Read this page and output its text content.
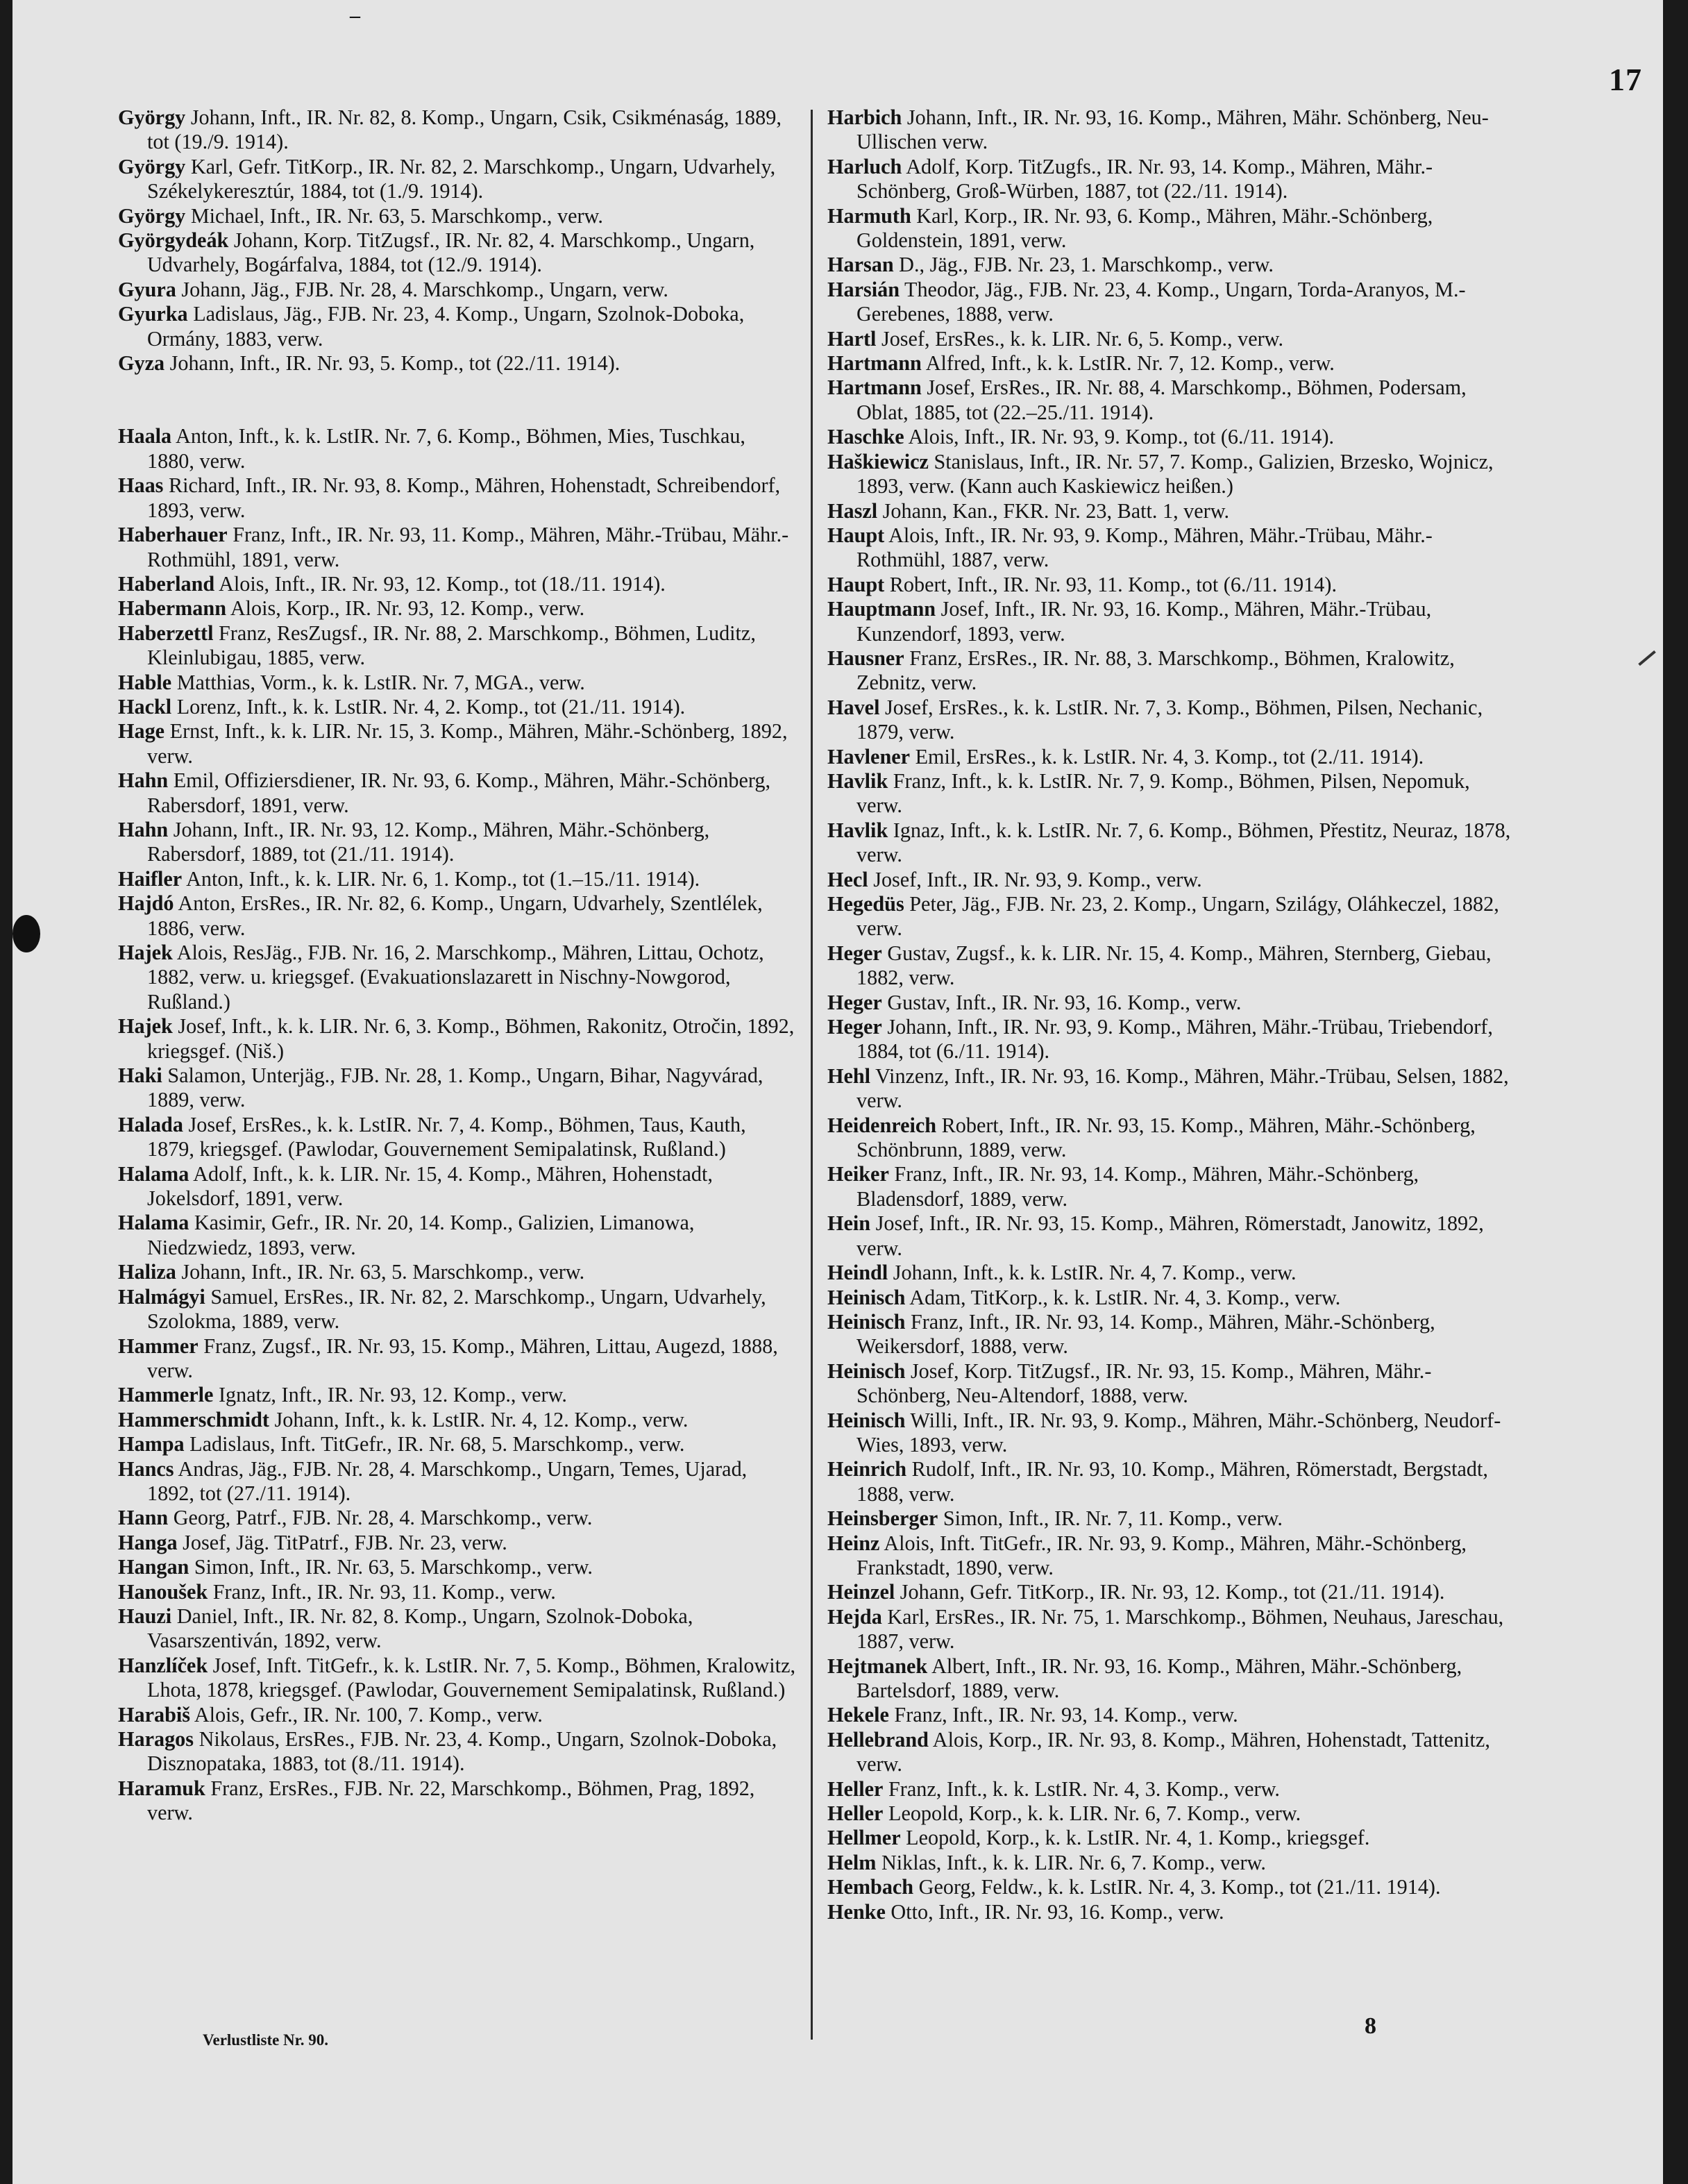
–
17
György Johann, Inft., IR. Nr. 82, 8. Komp., Ungarn, Csik, Csikménaság, 1889, tot (19./9. 1914).
György Karl, Gefr. TitKorp., IR. Nr. 82, 2. Marschkomp., Ungarn, Udvarhely, Székelykeresztúr, 1884, tot (1./9. 1914).
György Michael, Inft., IR. Nr. 63, 5. Marschkomp., verw.
Györgydeák Johann, Korp. TitZugsf., IR. Nr. 82, 4. Marschkomp., Ungarn, Udvarhely, Bogárfalva, 1884, tot (12./9. 1914).
Gyura Johann, Jäg., FJB. Nr. 28, 4. Marschkomp., Ungarn, verw.
Gyurka Ladislaus, Jäg., FJB. Nr. 23, 4. Komp., Ungarn, Szolnok-Doboka, Ormány, 1883, verw.
Gyza Johann, Inft., IR. Nr. 93, 5. Komp., tot (22./11. 1914).
Haala Anton, Inft., k. k. LstIR. Nr. 7, 6. Komp., Böhmen, Mies, Tuschkau, 1880, verw.
Haas Richard, Inft., IR. Nr. 93, 8. Komp., Mähren, Hohenstadt, Schreibendorf, 1893, verw.
Haberhauer Franz, Inft., IR. Nr. 93, 11. Komp., Mähren, Mähr.-Trübau, Mähr.-Rothmühl, 1891, verw.
Haberland Alois, Inft., IR. Nr. 93, 12. Komp., tot (18./11. 1914).
Habermann Alois, Korp., IR. Nr. 93, 12. Komp., verw.
Haberzettl Franz, ResZugsf., IR. Nr. 88, 2. Marschkomp., Böhmen, Luditz, Kleinlubigau, 1885, verw.
Hable Matthias, Vorm., k. k. LstIR. Nr. 7, MGA., verw.
Hackl Lorenz, Inft., k. k. LstIR. Nr. 4, 2. Komp., tot (21./11. 1914).
Hage Ernst, Inft., k. k. LIR. Nr. 15, 3. Komp., Mähren, Mähr.-Schönberg, 1892, verw.
Hahn Emil, Offiziersdiener, IR. Nr. 93, 6. Komp., Mähren, Mähr.-Schönberg, Rabersdorf, 1891, verw.
Hahn Johann, Inft., IR. Nr. 93, 12. Komp., Mähren, Mähr.-Schönberg, Rabersdorf, 1889, tot (21./11. 1914).
Haifler Anton, Inft., k. k. LIR. Nr. 6, 1. Komp., tot (1.–15./11. 1914).
Hajdó Anton, ErsRes., IR. Nr. 82, 6. Komp., Ungarn, Udvarhely, Szentlélek, 1886, verw.
Hajek Alois, ResJäg., FJB. Nr. 16, 2. Marschkomp., Mähren, Littau, Ochotz, 1882, verw. u. kriegsgef. (Evakuationslazarett in Nischny-Nowgorod, Rußland.)
Hajek Josef, Inft., k. k. LIR. Nr. 6, 3. Komp., Böhmen, Rakonitz, Otročin, 1892, kriegsgef. (Niš.)
Haki Salamon, Unterjäg., FJB. Nr. 28, 1. Komp., Ungarn, Bihar, Nagyvárad, 1889, verw.
Halada Josef, ErsRes., k. k. LstIR. Nr. 7, 4. Komp., Böhmen, Taus, Kauth, 1879, kriegsgef. (Pawlodar, Gouvernement Semipalatinsk, Rußland.)
Halama Adolf, Inft., k. k. LIR. Nr. 15, 4. Komp., Mähren, Hohenstadt, Jokelsdorf, 1891, verw.
Halama Kasimir, Gefr., IR. Nr. 20, 14. Komp., Galizien, Limanowa, Niedzwiedz, 1893, verw.
Haliza Johann, Inft., IR. Nr. 63, 5. Marschkomp., verw.
Halmágyi Samuel, ErsRes., IR. Nr. 82, 2. Marschkomp., Ungarn, Udvarhely, Szolokma, 1889, verw.
Hammer Franz, Zugsf., IR. Nr. 93, 15. Komp., Mähren, Littau, Augezd, 1888, verw.
Hammerle Ignatz, Inft., IR. Nr. 93, 12. Komp., verw.
Hammerschmidt Johann, Inft., k. k. LstIR. Nr. 4, 12. Komp., verw.
Hampa Ladislaus, Inft. TitGefr., IR. Nr. 68, 5. Marschkomp., verw.
Hancs Andras, Jäg., FJB. Nr. 28, 4. Marschkomp., Ungarn, Temes, Ujarad, 1892, tot (27./11. 1914).
Hann Georg, Patrf., FJB. Nr. 28, 4. Marschkomp., verw.
Hanga Josef, Jäg. TitPatrf., FJB. Nr. 23, verw.
Hangan Simon, Inft., IR. Nr. 63, 5. Marschkomp., verw.
Hanoušek Franz, Inft., IR. Nr. 93, 11. Komp., verw.
Hauzi Daniel, Inft., IR. Nr. 82, 8. Komp., Ungarn, Szolnok-Doboka, Vasarszentiván, 1892, verw.
Hanzlíček Josef, Inft. TitGefr., k. k. LstIR. Nr. 7, 5. Komp., Böhmen, Kralowitz, Lhota, 1878, kriegsgef. (Pawlodar, Gouvernement Semipalatinsk, Rußland.)
Harabiš Alois, Gefr., IR. Nr. 100, 7. Komp., verw.
Haragos Nikolaus, ErsRes., FJB. Nr. 23, 4. Komp., Ungarn, Szolnok-Doboka, Disznopataka, 1883, tot (8./11. 1914).
Haramuk Franz, ErsRes., FJB. Nr. 22, Marschkomp., Böhmen, Prag, 1892, verw.
Harbich Johann, Inft., IR. Nr. 93, 16. Komp., Mähren, Mähr. Schönberg, Neu-Ullischen verw.
Harluch Adolf, Korp. TitZugfs., IR. Nr. 93, 14. Komp., Mähren, Mähr.-Schönberg, Groß-Würben, 1887, tot (22./11. 1914).
Harmuth Karl, Korp., IR. Nr. 93, 6. Komp., Mähren, Mähr.-Schönberg, Goldenstein, 1891, verw.
Harsan D., Jäg., FJB. Nr. 23, 1. Marschkomp., verw.
Harsián Theodor, Jäg., FJB. Nr. 23, 4. Komp., Ungarn, Torda-Aranyos, M.-Gerebenes, 1888, verw.
Hartl Josef, ErsRes., k. k. LIR. Nr. 6, 5. Komp., verw.
Hartmann Alfred, Inft., k. k. LstIR. Nr. 7, 12. Komp., verw.
Hartmann Josef, ErsRes., IR. Nr. 88, 4. Marschkomp., Böhmen, Podersam, Oblat, 1885, tot (22.–25./11. 1914).
Haschke Alois, Inft., IR. Nr. 93, 9. Komp., tot (6./11. 1914).
Haškiewicz Stanislaus, Inft., IR. Nr. 57, 7. Komp., Galizien, Brzesko, Wojnicz, 1893, verw. (Kann auch Kaskiewicz heißen.)
Haszl Johann, Kan., FKR. Nr. 23, Batt. 1, verw.
Haupt Alois, Inft., IR. Nr. 93, 9. Komp., Mähren, Mähr.-Trübau, Mähr.-Rothmühl, 1887, verw.
Haupt Robert, Inft., IR. Nr. 93, 11. Komp., tot (6./11. 1914).
Hauptmann Josef, Inft., IR. Nr. 93, 16. Komp., Mähren, Mähr.-Trübau, Kunzendorf, 1893, verw.
Hausner Franz, ErsRes., IR. Nr. 88, 3. Marschkomp., Böhmen, Kralowitz, Zebnitz, verw.
Havel Josef, ErsRes., k. k. LstIR. Nr. 7, 3. Komp., Böhmen, Pilsen, Nechanic, 1879, verw.
Havlener Emil, ErsRes., k. k. LstIR. Nr. 4, 3. Komp., tot (2./11. 1914).
Havlik Franz, Inft., k. k. LstIR. Nr. 7, 9. Komp., Böhmen, Pilsen, Nepomuk, verw.
Havlik Ignaz, Inft., k. k. LstIR. Nr. 7, 6. Komp., Böhmen, Přestitz, Neuraz, 1878, verw.
Hecl Josef, Inft., IR. Nr. 93, 9. Komp., verw.
Hegedüs Peter, Jäg., FJB. Nr. 23, 2. Komp., Ungarn, Szilágy, Oláhkeczel, 1882, verw.
Heger Gustav, Zugsf., k. k. LIR. Nr. 15, 4. Komp., Mähren, Sternberg, Giebau, 1882, verw.
Heger Gustav, Inft., IR. Nr. 93, 16. Komp., verw.
Heger Johann, Inft., IR. Nr. 93, 9. Komp., Mähren, Mähr.-Trübau, Triebendorf, 1884, tot (6./11. 1914).
Hehl Vinzenz, Inft., IR. Nr. 93, 16. Komp., Mähren, Mähr.-Trübau, Selsen, 1882, verw.
Heidenreich Robert, Inft., IR. Nr. 93, 15. Komp., Mähren, Mähr.-Schönberg, Schönbrunn, 1889, verw.
Heiker Franz, Inft., IR. Nr. 93, 14. Komp., Mähren, Mähr.-Schönberg, Bladensdorf, 1889, verw.
Hein Josef, Inft., IR. Nr. 93, 15. Komp., Mähren, Römerstadt, Janowitz, 1892, verw.
Heindl Johann, Inft., k. k. LstIR. Nr. 4, 7. Komp., verw.
Heinisch Adam, TitKorp., k. k. LstIR. Nr. 4, 3. Komp., verw.
Heinisch Franz, Inft., IR. Nr. 93, 14. Komp., Mähren, Mähr.-Schönberg, Weikersdorf, 1888, verw.
Heinisch Josef, Korp. TitZugsf., IR. Nr. 93, 15. Komp., Mähren, Mähr.-Schönberg, Neu-Altendorf, 1888, verw.
Heinisch Willi, Inft., IR. Nr. 93, 9. Komp., Mähren, Mähr.-Schönberg, Neudorf-Wies, 1893, verw.
Heinrich Rudolf, Inft., IR. Nr. 93, 10. Komp., Mähren, Römerstadt, Bergstadt, 1888, verw.
Heinsberger Simon, Inft., IR. Nr. 7, 11. Komp., verw.
Heinz Alois, Inft. TitGefr., IR. Nr. 93, 9. Komp., Mähren, Mähr.-Schönberg, Frankstadt, 1890, verw.
Heinzel Johann, Gefr. TitKorp., IR. Nr. 93, 12. Komp., tot (21./11. 1914).
Hejda Karl, ErsRes., IR. Nr. 75, 1. Marschkomp., Böhmen, Neuhaus, Jareschau, 1887, verw.
Hejtmanek Albert, Inft., IR. Nr. 93, 16. Komp., Mähren, Mähr.-Schönberg, Bartelsdorf, 1889, verw.
Hekele Franz, Inft., IR. Nr. 93, 14. Komp., verw.
Hellebrand Alois, Korp., IR. Nr. 93, 8. Komp., Mähren, Hohenstadt, Tattenitz, verw.
Heller Franz, Inft., k. k. LstIR. Nr. 4, 3. Komp., verw.
Heller Leopold, Korp., k. k. LIR. Nr. 6, 7. Komp., verw.
Hellmer Leopold, Korp., k. k. LstIR. Nr. 4, 1. Komp., kriegsgef.
Helm Niklas, Inft., k. k. LIR. Nr. 6, 7. Komp., verw.
Hembach Georg, Feldw., k. k. LstIR. Nr. 4, 3. Komp., tot (21./11. 1914).
Henke Otto, Inft., IR. Nr. 93, 16. Komp., verw.
Verlustliste Nr. 90.
8
